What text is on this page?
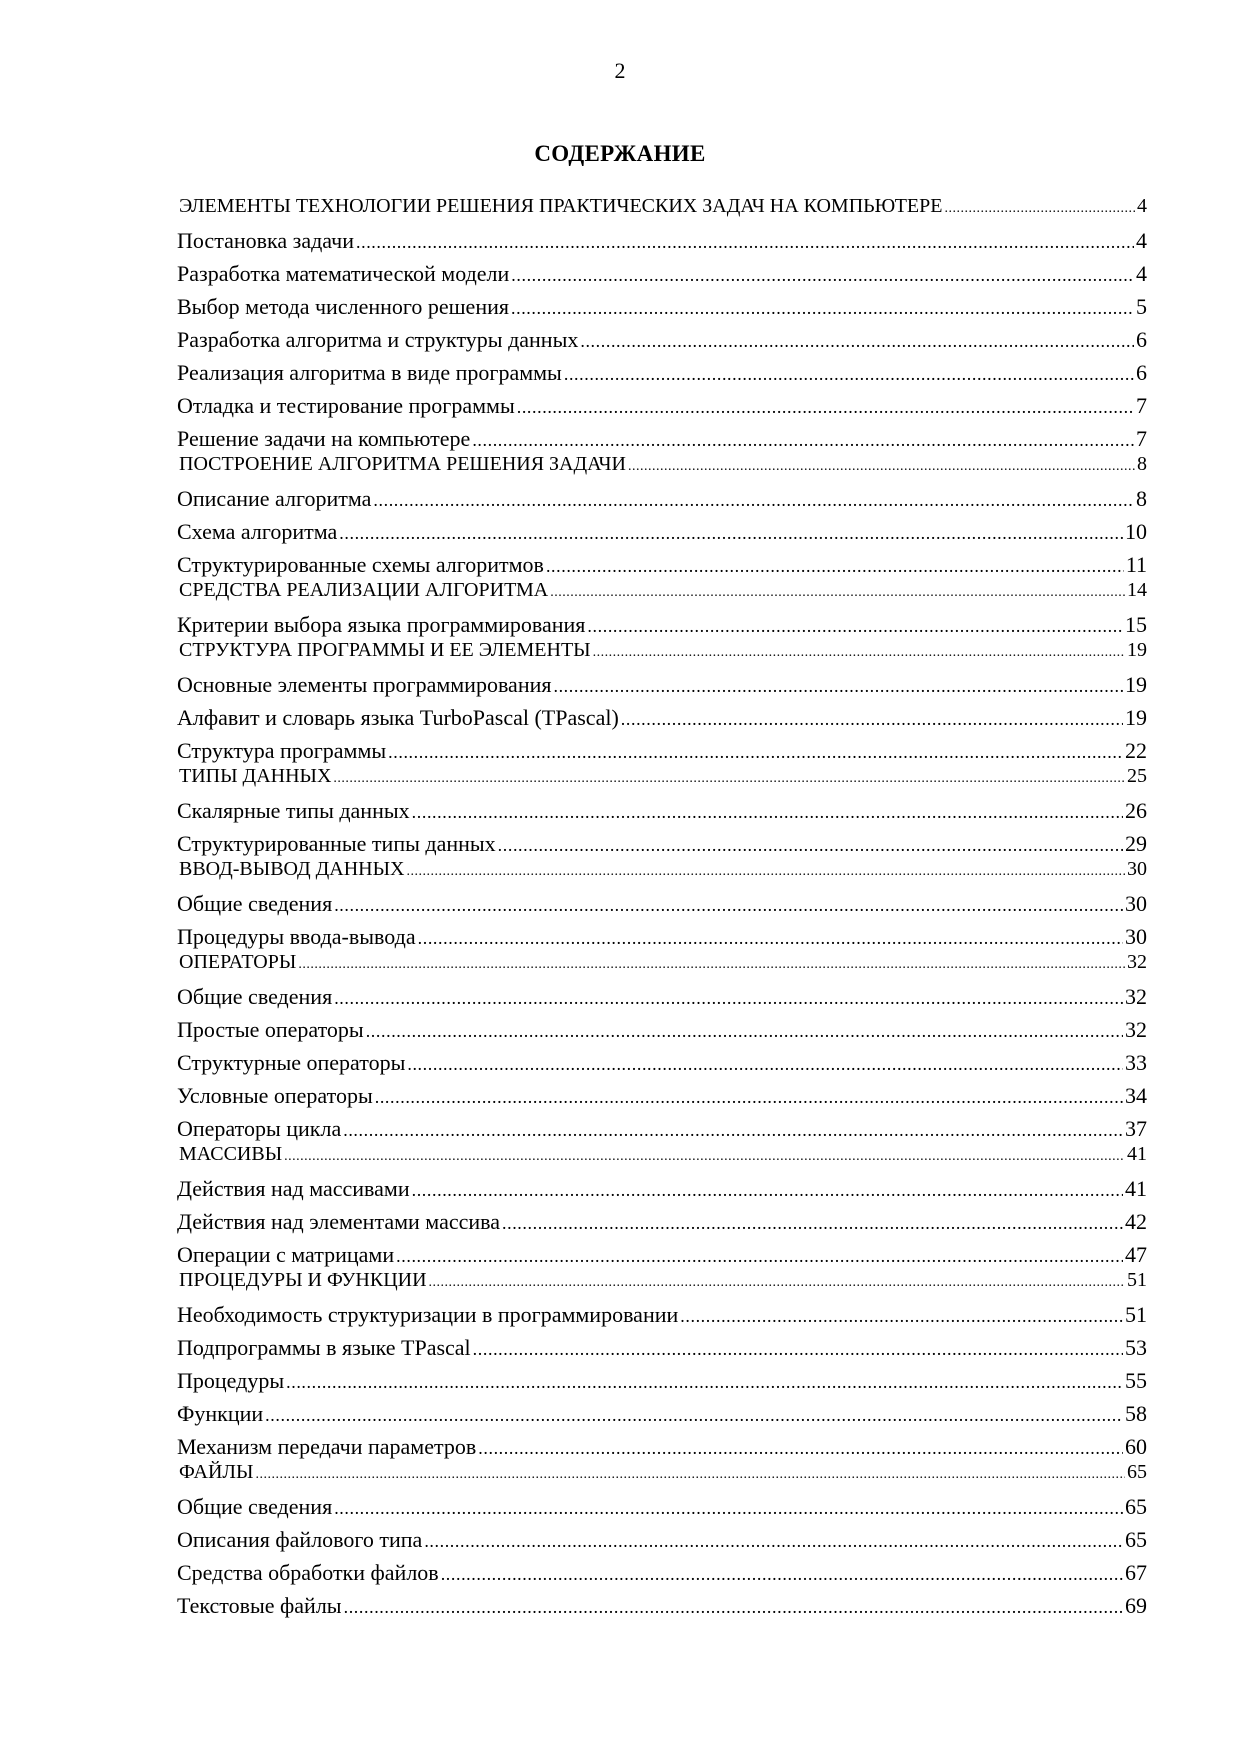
2
СОДЕРЖАНИЕ
ЭЛЕМЕНТЫ ТЕХНОЛОГИИ РЕШЕНИЯ ПРАКТИЧЕСКИХ ЗАДАЧ НА КОМПЬЮТЕРЕ .....	4
Постановка задачи .....	4
Разработка математической модели .....	4
Выбор метода численного решения .....	5
Разработка алгоритма и структуры данных .....	6
Реализация алгоритма в виде программы .....	6
Отладка и тестирование программы .....	7
Решение задачи на компьютере .....	7
ПОСТРОЕНИЕ АЛГОРИТМА РЕШЕНИЯ ЗАДАЧИ .....	8
Описание алгоритма .....	8
Схема алгоритма .....	10
Структурированные схемы алгоритмов .....	11
СРЕДСТВА РЕАЛИЗАЦИИ АЛГОРИТМА .....	14
Критерии выбора языка программирования .....	15
СТРУКТУРА ПРОГРАММЫ И ЕЕ ЭЛЕМЕНТЫ .....	19
Основные элементы программирования .....	19
Алфавит и словарь языка TurboPascal (TPascal) .....	19
Структура программы .....	22
ТИПЫ ДАННЫХ .....	25
Скалярные типы данных .....	26
Структурированные типы данных .....	29
ВВОД-ВЫВОД ДАННЫХ .....	30
Общие сведения .....	30
Процедуры ввода-вывода .....	30
ОПЕРАТОРЫ .....	32
Общие сведения .....	32
Простые операторы .....	32
Структурные операторы .....	33
Условные операторы .....	34
Операторы цикла .....	37
МАССИВЫ .....	41
Действия над массивами .....	41
Действия над элементами массива .....	42
Операции с матрицами .....	47
ПРОЦЕДУРЫ И ФУНКЦИИ .....	51
Необходимость структуризации в программировании .....	51
Подпрограммы в языке TPascal .....	53
Процедуры .....	55
Функции .....	58
Механизм передачи параметров .....	60
ФАЙЛЫ .....	65
Общие сведения .....	65
Описания файлового типа .....	65
Средства обработки файлов .....	67
Текстовые файлы .....	69
